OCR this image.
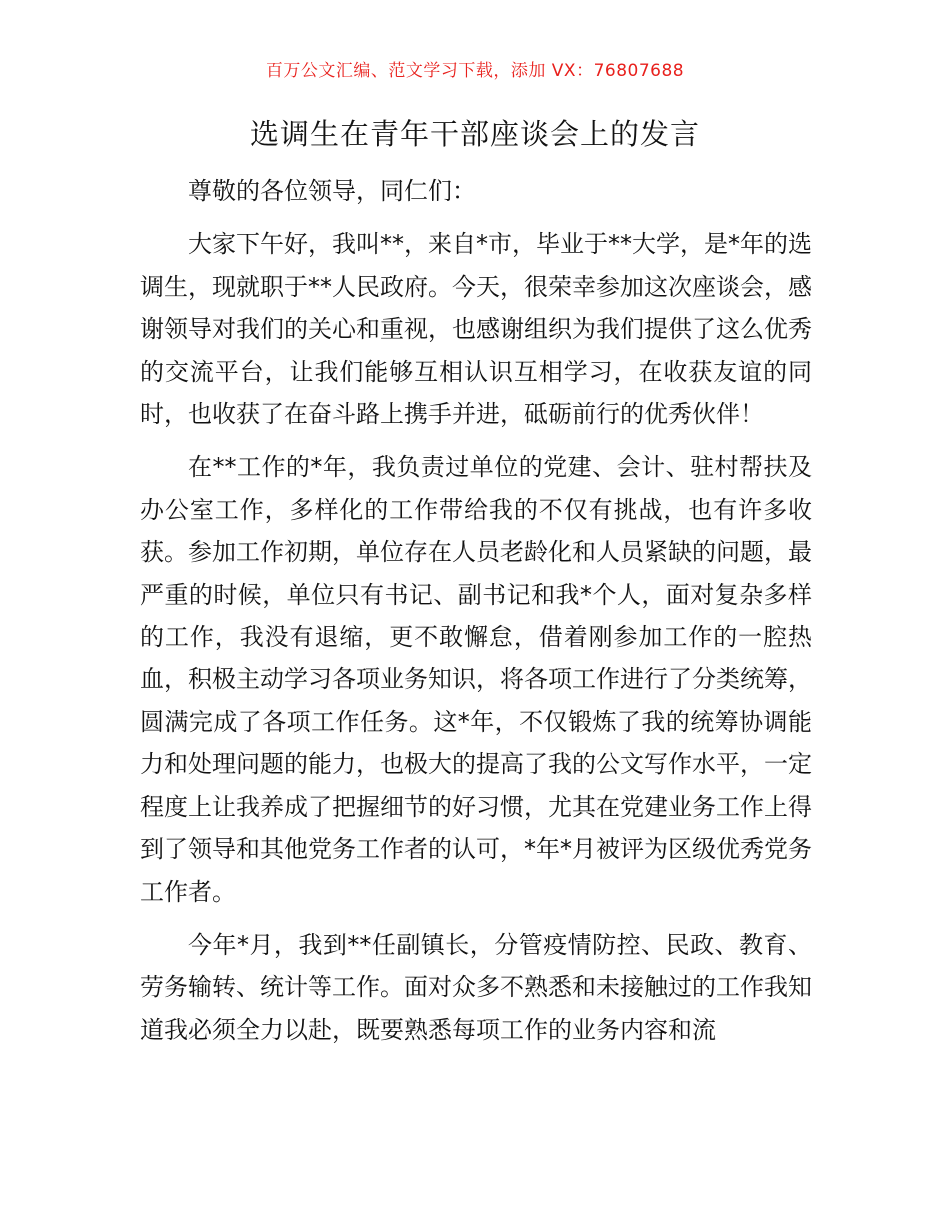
百万公文汇编、范文学习下载，添加 VX：76807688
选调生在青年干部座谈会上的发言

尊敬的各位领导，同仁们：

大家下午好，我叫**，来自*市，毕业于**大学，是*年的选调生，现就职于**人民政府。今天，很荣幸参加这次座谈会，感谢领导对我们的关心和重视，也感谢组织为我们提供了这么优秀的交流平台，让我们能够互相认识互相学习，在收获友谊的同时，也收获了在奋斗路上携手并进，砥砺前行的优秀伙伴！

在**工作的*年，我负责过单位的党建、会计、驻村帮扶及办公室工作，多样化的工作带给我的不仅有挑战，也有许多收获。参加工作初期，单位存在人员老龄化和人员紧缺的问题，最严重的时候，单位只有书记、副书记和我*个人，面对复杂多样的工作，我没有退缩，更不敢懈怠，借着刚参加工作的一腔热血，积极主动学习各项业务知识，将各项工作进行了分类统筹，圆满完成了各项工作任务。这*年，不仅锻炼了我的统筹协调能力和处理问题的能力，也极大的提高了我的公文写作水平，一定程度上让我养成了把握细节的好习惯，尤其在党建业务工作上得到了领导和其他党务工作者的认可，*年*月被评为区级优秀党务工作者。

今年*月，我到**任副镇长，分管疫情防控、民政、教育、劳务输转、统计等工作。面对众多不熟悉和未接触过的工作我知道我必须全力以赴，既要熟悉每项工作的业务内容和流
